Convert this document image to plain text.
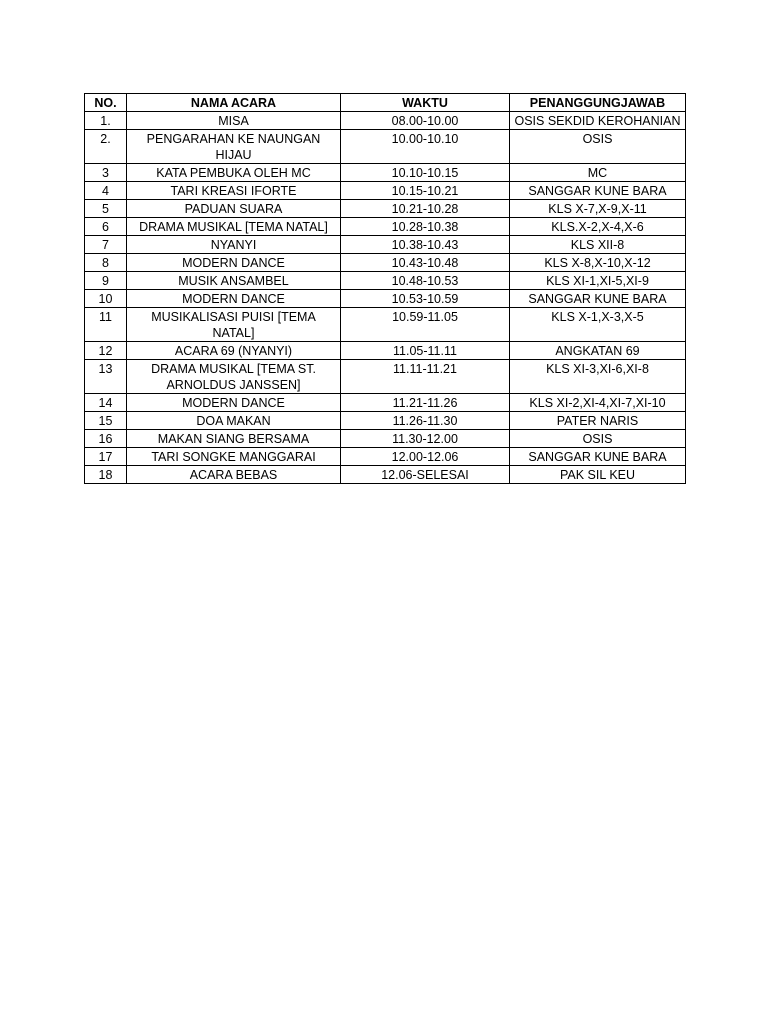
NO.	NAMA ACARA	WAKTU	PENANGGUNGJAWAB
1.	MISA	08.00-10.00	OSIS SEKDID KEROHANIAN
2.	PENGARAHAN KE NAUNGAN HIJAU	10.00-10.10	OSIS
3	KATA PEMBUKA OLEH MC	10.10-10.15	MC
4	TARI KREASI IFORTE	10.15-10.21	SANGGAR KUNE BARA
5	PADUAN SUARA	10.21-10.28	KLS X-7,X-9,X-11
6	DRAMA MUSIKAL [TEMA NATAL]	10.28-10.38	KLS.X-2,X-4,X-6
7	NYANYI	10.38-10.43	KLS XII-8
8	MODERN DANCE	10.43-10.48	KLS X-8,X-10,X-12
9	MUSIK ANSAMBEL	10.48-10.53	KLS XI-1,XI-5,XI-9
10	MODERN DANCE	10.53-10.59	SANGGAR KUNE BARA
11	MUSIKALISASI PUISI [TEMA NATAL]	10.59-11.05	KLS X-1,X-3,X-5
12	ACARA 69 (NYANYI)	11.05-11.11	ANGKATAN 69
13	DRAMA MUSIKAL [TEMA ST. ARNOLDUS JANSSEN]	11.11-11.21	KLS XI-3,XI-6,XI-8
14	MODERN DANCE	11.21-11.26	KLS XI-2,XI-4,XI-7,XI-10
15	DOA MAKAN	11.26-11.30	PATER NARIS
16	MAKAN SIANG BERSAMA	11.30-12.00	OSIS
17	TARI SONGKE MANGGARAI	12.00-12.06	SANGGAR KUNE BARA
18	ACARA BEBAS	12.06-SELESAI	PAK SIL KEU
